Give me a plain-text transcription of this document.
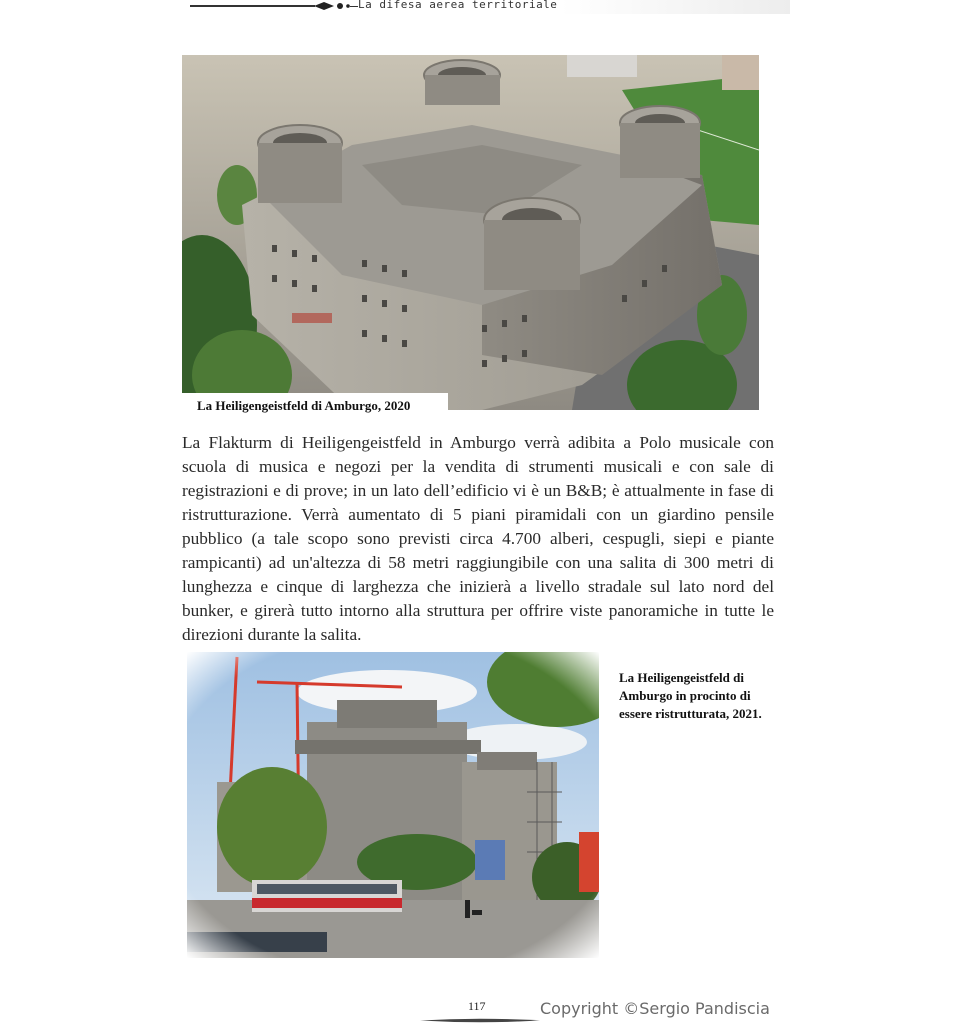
La difesa aerea territoriale
La Heiligengeistfeld di Amburgo, 2020

La Flakturm di Heiligengeistfeld in Amburgo verrà adibita a Polo musicale con scuola di musica e negozi per la vendita di strumenti musicali e con sale di registrazioni e di prove; in un lato dell’edificio vi è un B&B; è attualmente in fase di ristrutturazione. Verrà aumentato di 5 piani piramidali con un giardino pensile pubblico (a tale scopo sono previsti circa 4.700 alberi, cespugli, siepi e piante rampicanti) ad un'altezza di 58 metri raggiungibile con una salita di 300 metri di lunghezza e cinque di larghezza che inizierà a livello stradale sul lato nord del bunker, e girerà tutto intorno alla struttura per offrire viste panoramiche in tutte le direzioni durante la salita.

La Heiligengeistfeld di
Amburgo in procinto di
essere ristrutturata, 2021.
117	Copyright ©Sergio Pandiscia
